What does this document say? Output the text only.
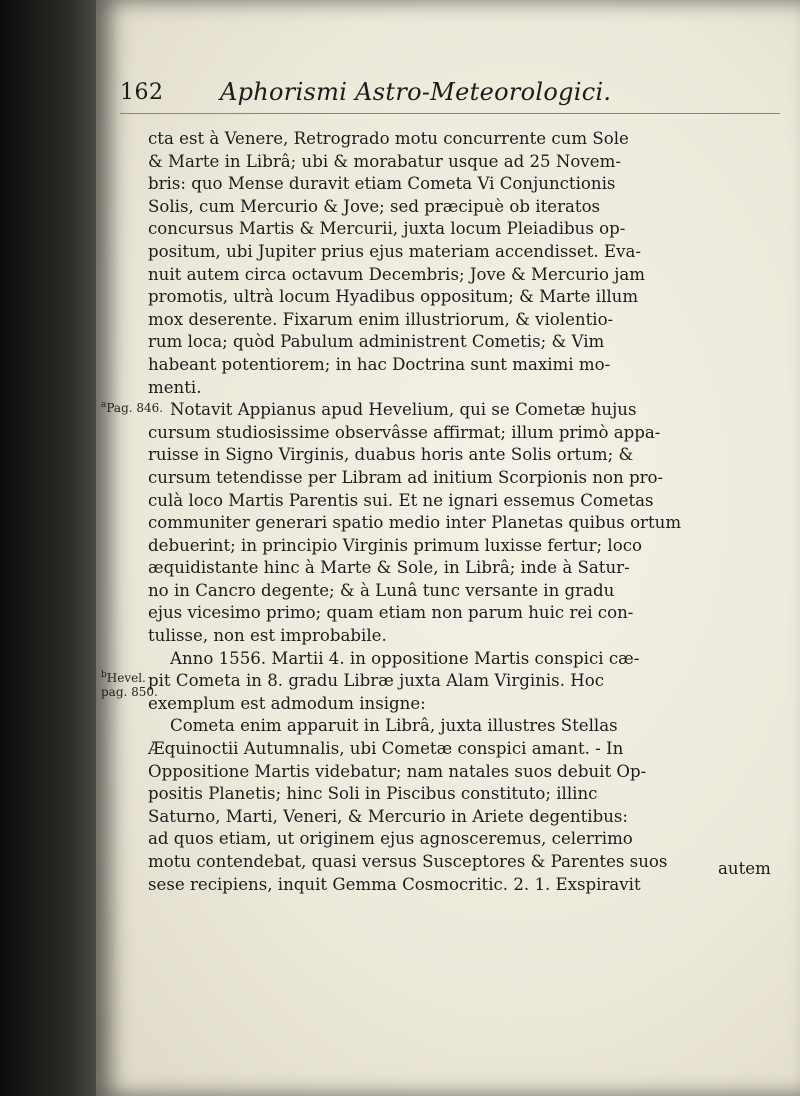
162 Aphorismi Astro-Meteorologici.
$^a$Pag. 846.
$^b$Hevel.
pag. 850.
cta est à Venere, Retrogrado motu concurrente cum Sole
& Marte in Librâ; ubi & morabatur usque ad 25 Novem-
bris: quo Mense duravit etiam Cometa Vi Conjunctionis
Solis, cum Mercurio & Jove; sed præcipuè ob iteratos
concursus Martis & Mercurii, juxta locum Pleiadibus op-
positum, ubi Jupiter prius ejus materiam accendisset. Eva-
nuit autem circa octavum Decembris; Jove & Mercurio jam
promotis, ultrà locum Hyadibus oppositum; & Marte illum
mox deserente. Fixarum enim illustriorum, & violentio-
rum loca; quòd Pabulum administrent Cometis; & Vim
habeant potentiorem; in hac Doctrina sunt maximi mo-
menti.
Notavit Appianus apud Hevelium, qui se Cometæ hujus
cursum studiosissime observâsse affirmat; illum primò appa-
ruisse in Signo Virginis, duabus horis ante Solis ortum; &
cursum tetendisse per Libram ad initium Scorpionis non pro-
culà loco Martis Parentis sui. Et ne ignari essemus Cometas
communiter generari spatio medio inter Planetas quibus ortum
debuerint; in principio Virginis primum luxisse fertur; loco
æquidistante hinc à Marte & Sole, in Librâ; inde à Satur-
no in Cancro degente; & à Lunâ tunc versante in gradu
ejus vicesimo primo; quam etiam non parum huic rei con-
tulisse, non est improbabile.
Anno 1556. Martii 4. in oppositione Martis conspici cæ-
pit Cometa in 8. gradu Libræ juxta Alam Virginis. Hoc
exemplum est admodum insigne:
Cometa enim apparuit in Librâ, juxta illustres Stellas
Æquinoctii Autumnalis, ubi Cometæ conspici amant. - In
Oppositione Martis videbatur; nam natales suos debuit Op-
positis Planetis; hinc Soli in Piscibus constituto; illinc
Saturno, Marti, Veneri, & Mercurio in Ariete degentibus:
ad quos etiam, ut originem ejus agnosceremus, celerrimo
motu contendebat, quasi versus Susceptores & Parentes suos
sese recipiens, inquit Gemma Cosmocritic. 2. 1. Exspiravit
autem
